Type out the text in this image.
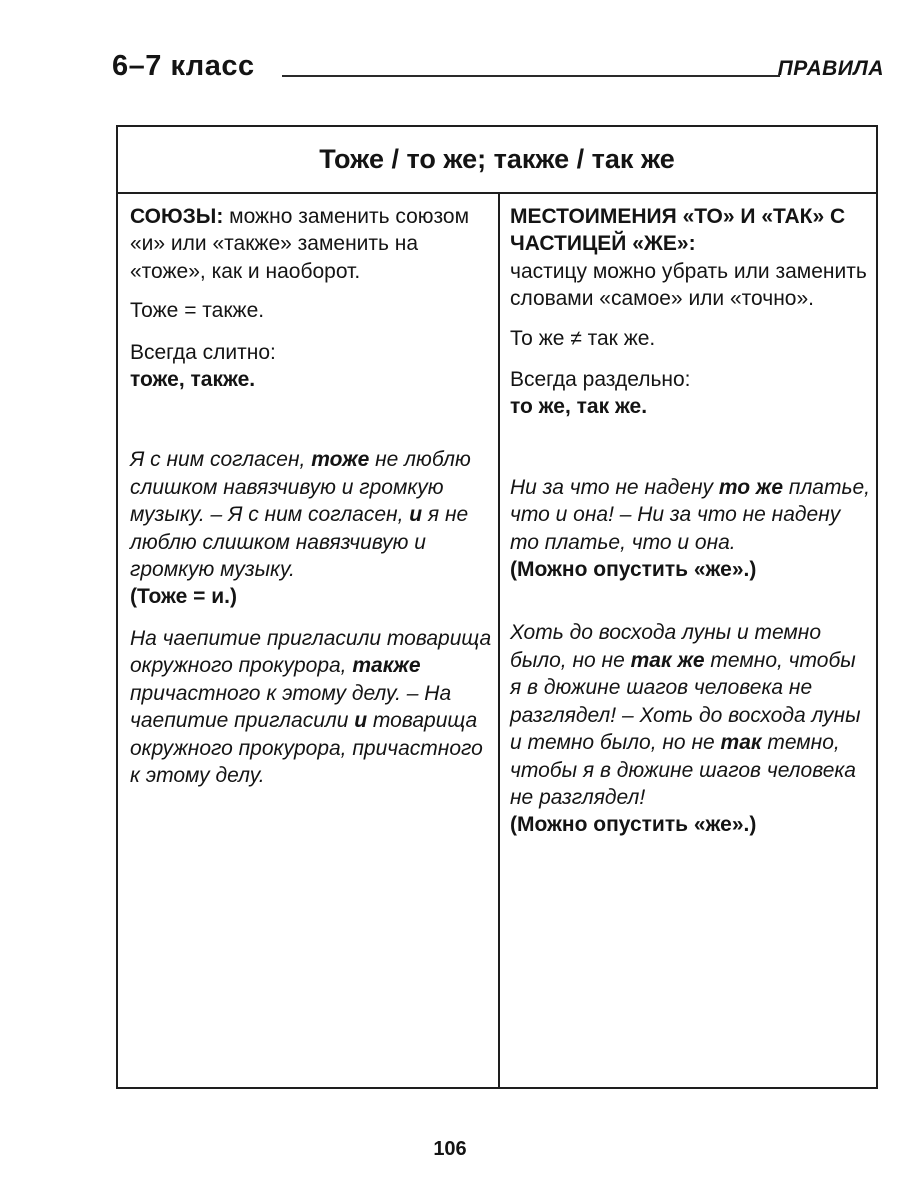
6–7 класс	ПРАВИЛА
Тоже / то же; также / так же

СОЮЗЫ: можно заменить союзом «и» или «также» заменить на «тоже», как и наоборот.

Тоже = также.

Всегда слитно:

тоже, также.

Я с ним согласен, тоже не люблю слишком навязчивую и громкую музыку. – Я с ним согласен, и я не люблю слишком навязчивую и громкую музыку.

(Тоже = и.)

На чаепитие пригласили товарища окружного прокурора, также причастного к этому делу. – На чаепитие пригласили и товарища окружного прокурора, причастного к этому делу.

МЕСТОИМЕНИЯ «ТО» И «ТАК» С ЧАСТИЦЕЙ «ЖЕ»:

частицу можно убрать или заменить словами «самое» или «точно».

То же ≠ так же.

Всегда раздельно:

то же, так же.

Ни за что не надену то же платье, что и она! – Ни за что не надену то платье, что и она.

(Можно опустить «же».)

Хоть до восхода луны и темно было, но не так же темно, чтобы я в дюжине шагов человека не разглядел! – Хоть до восхода луны и темно было, но не так темно, чтобы я в дюжине шагов человека не разглядел!

(Можно опустить «же».)

106
